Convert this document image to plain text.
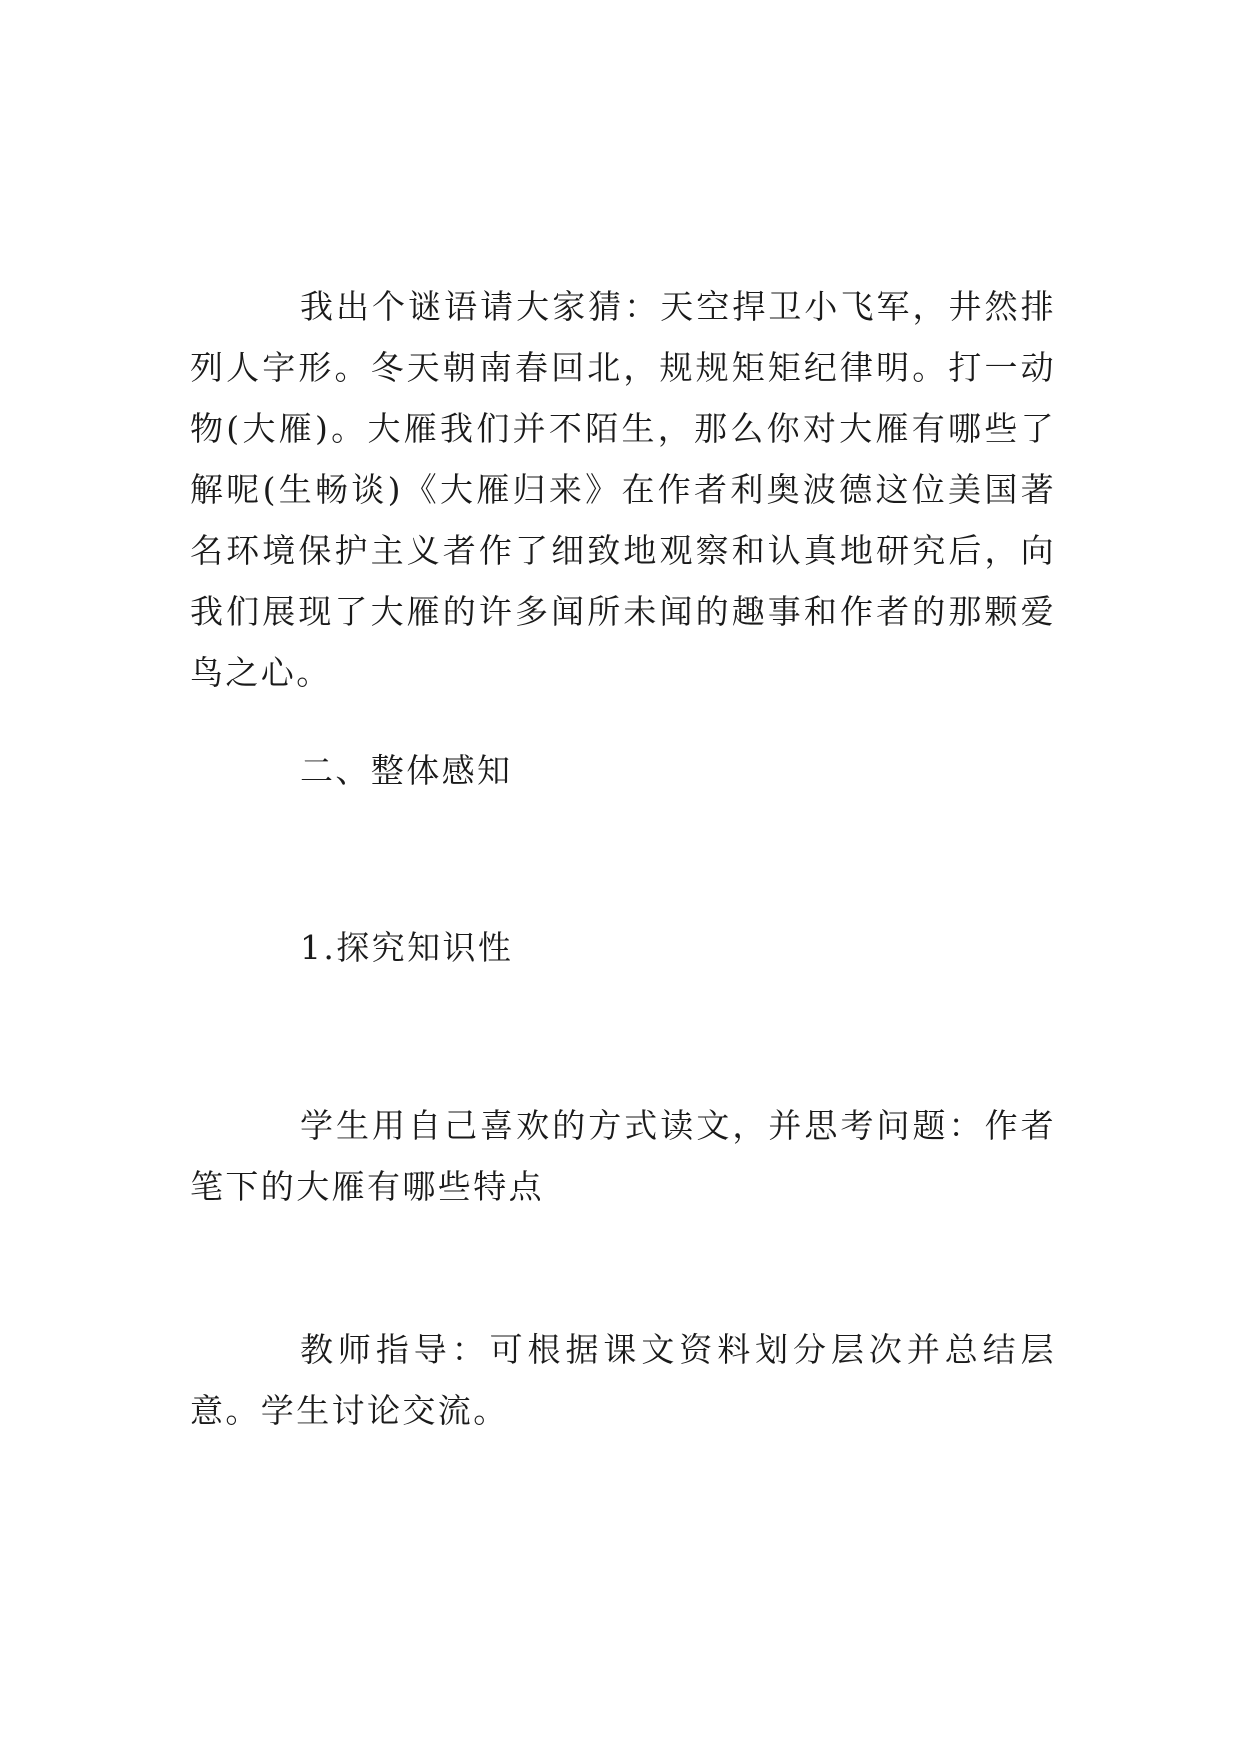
我出个谜语请大家猜：天空捍卫小飞军，井然排列人字形。冬天朝南春回北，规规矩矩纪律明。打一动物(大雁)。大雁我们并不陌生，那么你对大雁有哪些了解呢(生畅谈)《大雁归来》在作者利奥波德这位美国著名环境保护主义者作了细致地观察和认真地研究后，向我们展现了大雁的许多闻所未闻的趣事和作者的那颗爱鸟之心。

二、整体感知

1.探究知识性

学生用自己喜欢的方式读文，并思考问题：作者笔下的大雁有哪些特点

教师指导：可根据课文资料划分层次并总结层意。学生讨论交流。
